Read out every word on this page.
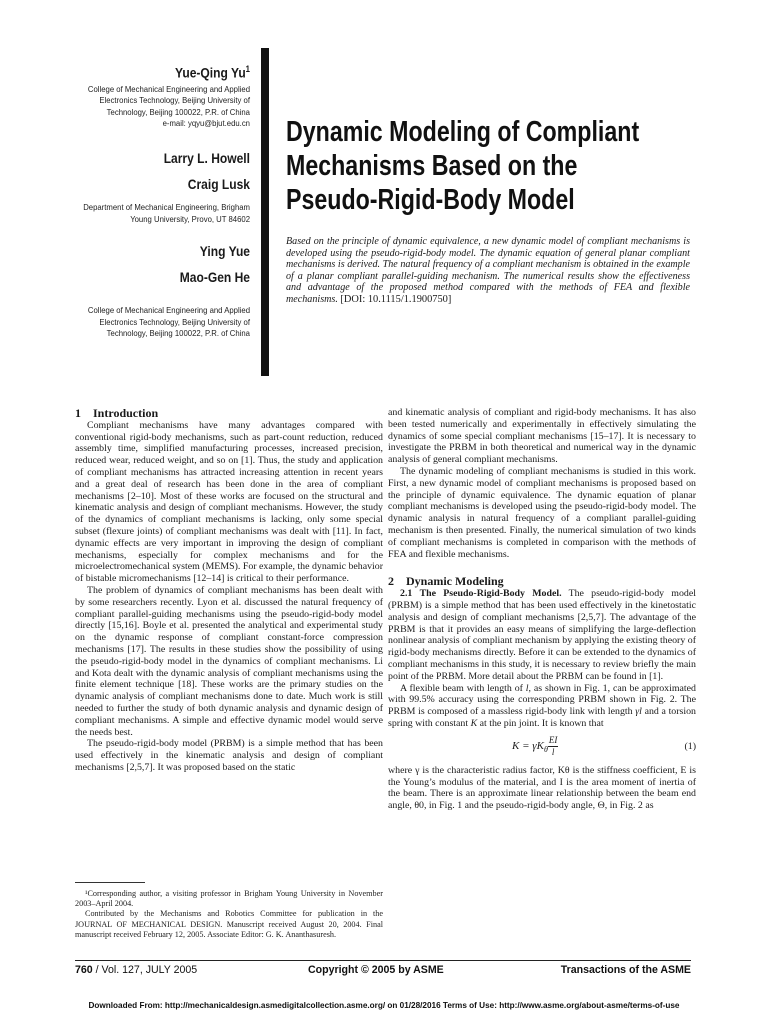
Yue-Qing Yu$^1$
College of Mechanical Engineering and Applied
Electronics Technology, Beijing University of
Technology, Beijing 100022, P.R. of China
e-mail: yqyu@bjut.edu.cn
Larry L. Howell
Craig Lusk
Department of Mechanical Engineering, Brigham
Young University, Provo, UT 84602
Ying Yue
Mao-Gen He
College of Mechanical Engineering and Applied
Electronics Technology, Beijing University of
Technology, Beijing 100022, P.R. of China
Dynamic Modeling of Compliant
Mechanisms Based on the
Pseudo-Rigid-Body Model
Based on the principle of dynamic equivalence, a new dynamic model of compliant mechanisms is developed using the pseudo-rigid-body model. The dynamic equation of general planar compliant mechanisms is derived. The natural frequency of a compliant mechanism is obtained in the example of a planar compliant parallel-guiding mechanism. The numerical results show the effectiveness and advantage of the proposed method compared with the methods of FEA and flexible mechanisms. [DOI: 10.1115/1.1900750]

1 Introduction

Compliant mechanisms have many advantages compared with conventional rigid-body mechanisms, such as part-count reduction, reduced assembly time, simplified manufacturing processes, increased precision, reduced wear, reduced weight, and so on [1]. Thus, the study and application of compliant mechanisms has attracted increasing attention in recent years and a great deal of research has been done in the area of compliant mechanisms [2–10]. Most of these works are focused on the structural and kinematic analysis and design of compliant mechanisms. However, the study of the dynamics of compliant mechanisms is lacking, only some special subset (flexure joints) of compliant mechanisms was dealt with [11]. In fact, dynamic effects are very important in improving the design of compliant mechanisms, especially for complex mechanisms and for the microelectromechanical system (MEMS). For example, the dynamic behavior of bistable micromechanisms [12–14] is critical to their performance.

The problem of dynamics of compliant mechanisms has been dealt with by some researchers recently. Lyon et al. discussed the natural frequency of compliant parallel-guiding mechanisms using the pseudo-rigid-body model directly [15,16]. Boyle et al. presented the analytical and experimental study on the dynamic response of compliant constant-force compression mechanisms [17]. The results in these studies show the possibility of using the pseudo-rigid-body model in the dynamics of compliant mechanisms. Li and Kota dealt with the dynamic analysis of compliant mechanisms using the finite element technique [18]. These works are the primary studies on the dynamic analysis of compliant mechanisms done to date. Much work is still needed to further the study of both dynamic analysis and dynamic design of compliant mechanisms. A simple and effective dynamic model would serve the needs best.

The pseudo-rigid-body model (PRBM) is a simple method that has been used effectively in the kinematic analysis and design of compliant mechanisms [2,5,7]. It was proposed based on the static

and kinematic analysis of compliant and rigid-body mechanisms. It has also been tested numerically and experimentally in effectively simulating the dynamics of some special compliant mechanisms [15–17]. It is necessary to investigate the PRBM in both theoretical and numerical way in the dynamic analysis of general compliant mechanisms.

The dynamic modeling of compliant mechanisms is studied in this work. First, a new dynamic model of compliant mechanisms is proposed based on the principle of dynamic equivalence. The dynamic equation of planar compliant mechanisms is developed using the pseudo-rigid-body model. The dynamic analysis in natural frequency of a compliant parallel-guiding mechanism is then presented. Finally, the numerical simulation of two kinds of compliant mechanisms is completed in comparison with the methods of FEA and flexible mechanisms.

2 Dynamic Modeling

2.1 The Pseudo-Rigid-Body Model. The pseudo-rigid-body model (PRBM) is a simple method that has been used effectively in the kinetostatic analysis and design of compliant mechanisms [2,5,7]. The advantage of the PRBM is that it provides an easy means of simplifying the large-deflection nonlinear analysis of compliant mechanism by applying the existing theory of rigid-body mechanisms directly. Before it can be extended to the dynamics of compliant mechanisms in this study, it is necessary to review briefly the main point of the PRBM. More detail about the PRBM can be found in [1].

A flexible beam with length of l, as shown in Fig. 1, can be approximated with 99.5% accuracy using the corresponding PRBM shown in Fig. 2. The PRBM is composed of a massless rigid-body link with length γl and a torsion spring with constant K at the pin joint. It is known that

$K = \gamma K_\theta \frac{EI}{l}$	(1)

where γ is the characteristic radius factor, Kθ is the stiffness coefficient, E is the Young’s modulus of the material, and I is the area moment of inertia of the beam. There is an approximate linear relationship between the beam end angle, θ0, in Fig. 1 and the pseudo-rigid-body angle, Θ, in Fig. 2 as

¹Corresponding author, a visiting professor in Brigham Young University in November 2003–April 2004.

Contributed by the Mechanisms and Robotics Committee for publication in the JOURNAL OF MECHANICAL DESIGN. Manuscript received August 20, 2004. Final manuscript received February 12, 2005. Associate Editor: G. K. Ananthasuresh.

760 / Vol. 127, JULY 2005	Copyright © 2005 by ASME	Transactions of the ASME
Downloaded From: http://mechanicaldesign.asmedigitalcollection.asme.org/ on 01/28/2016 Terms of Use: http://www.asme.org/about-asme/terms-of-use
